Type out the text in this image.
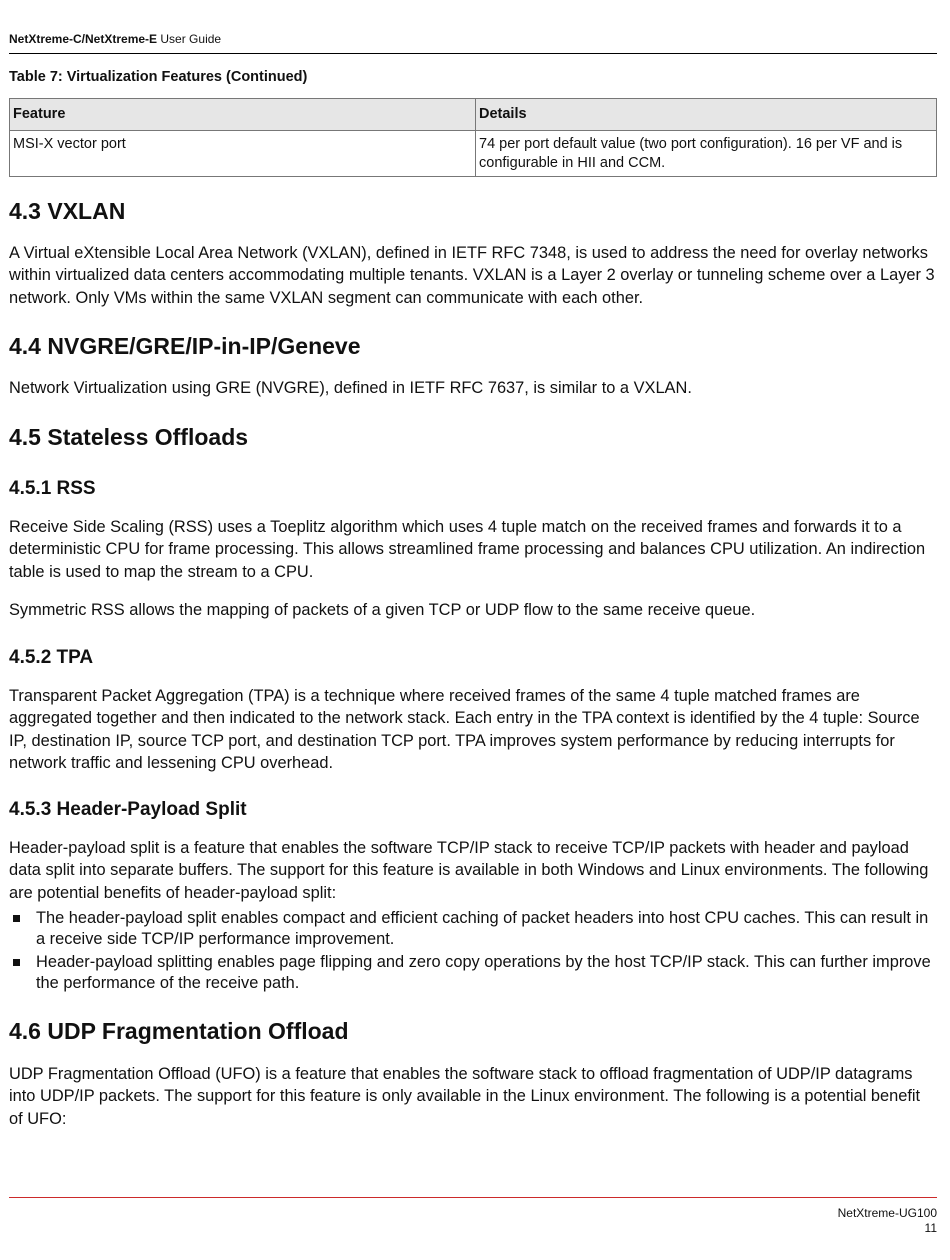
NetXtreme-C/NetXtreme-E User Guide
Table 7: Virtualization Features (Continued)
Feature	Details
MSI-X vector port	74 per port default value (two port configuration). 16 per VF and is configurable in HII and CCM.
4.3 VXLAN

A Virtual eXtensible Local Area Network (VXLAN), defined in IETF RFC 7348, is used to address the need for overlay networks within virtualized data centers accommodating multiple tenants. VXLAN is a Layer 2 overlay or tunneling scheme over a Layer 3 network. Only VMs within the same VXLAN segment can communicate with each other.

4.4 NVGRE/GRE/IP-in-IP/Geneve

Network Virtualization using GRE (NVGRE), defined in IETF RFC 7637, is similar to a VXLAN.

4.5 Stateless Offloads
4.5.1 RSS

Receive Side Scaling (RSS) uses a Toeplitz algorithm which uses 4 tuple match on the received frames and forwards it to a deterministic CPU for frame processing. This allows streamlined frame processing and balances CPU utilization. An indirection table is used to map the stream to a CPU.

Symmetric RSS allows the mapping of packets of a given TCP or UDP flow to the same receive queue.

4.5.2 TPA

Transparent Packet Aggregation (TPA) is a technique where received frames of the same 4 tuple matched frames are aggregated together and then indicated to the network stack. Each entry in the TPA context is identified by the 4 tuple: Source IP, destination IP, source TCP port, and destination TCP port. TPA improves system performance by reducing interrupts for network traffic and lessening CPU overhead.

4.5.3 Header-Payload Split

Header-payload split is a feature that enables the software TCP/IP stack to receive TCP/IP packets with header and payload data split into separate buffers. The support for this feature is available in both Windows and Linux environments. The following are potential benefits of header-payload split:

The header-payload split enables compact and efficient caching of packet headers into host CPU caches. This can result in a receive side TCP/IP performance improvement.
Header-payload splitting enables page flipping and zero copy operations by the host TCP/IP stack. This can further improve the performance of the receive path.
4.6 UDP Fragmentation Offload

UDP Fragmentation Offload (UFO) is a feature that enables the software stack to offload fragmentation of UDP/IP datagrams into UDP/IP packets. The support for this feature is only available in the Linux environment. The following is a potential benefit of UFO:

NetXtreme-UG100
11
